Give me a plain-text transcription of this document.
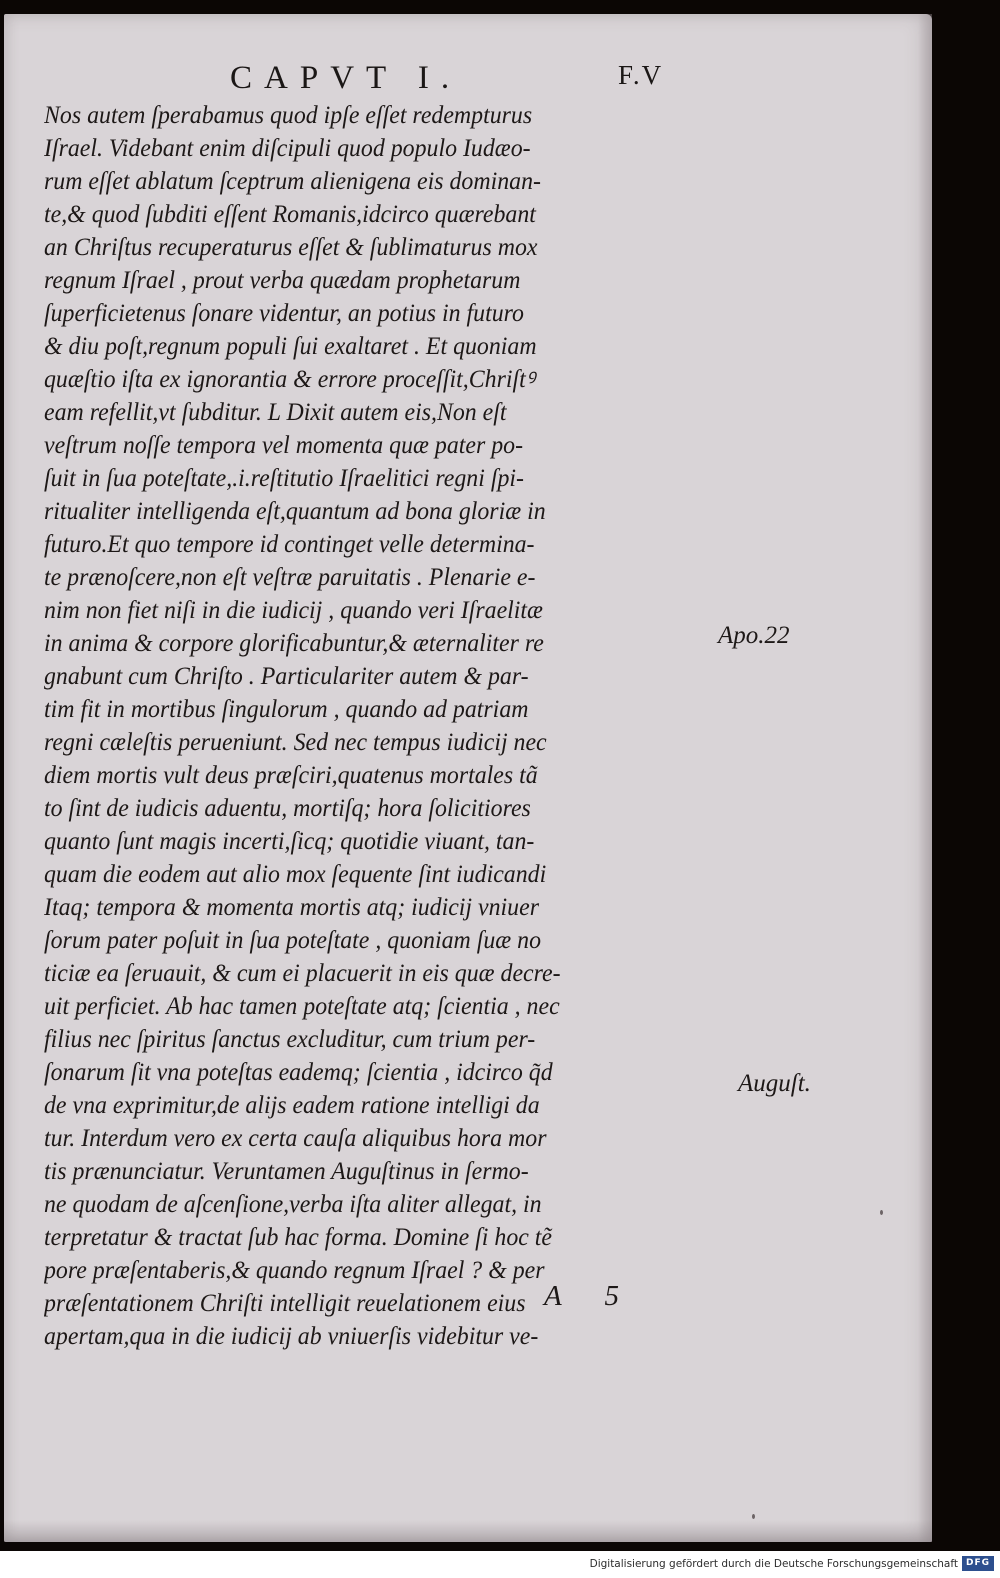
CAPVT I.	F.V
Nos autem ſperabamus quod ipſe eſſet redempturus
Iſrael. Videbant enim diſcipuli quod populo Iudæo-
rum eſſet ablatum ſceptrum alienigena eis dominan-
te,& quod ſubditi eſſent Romanis,idcirco quærebant
an Chriſtus recuperaturus eſſet & ſublimaturus mox
regnum Iſrael , prout verba quædam prophetarum
ſuperficietenus ſonare videntur, an potius in futuro
& diu poſt,regnum populi ſui exaltaret . Et quoniam
quæſtio iſta ex ignorantia & errore proceſſit,Chriſtꝰ
eam refellit,vt ſubditur. L Dixit autem eis,Non eſt
veſtrum noſſe tempora vel momenta quæ pater po-
ſuit in ſua poteſtate,.i.reſtitutio Iſraelitici regni ſpi-
ritualiter intelligenda eſt,quantum ad bona gloriæ in
futuro.Et quo tempore id continget velle determina-
te prænoſcere,non eſt veſtræ paruitatis . Plenarie e-
nim non fiet niſi in die iudicij , quando veri Iſraelitæ
in anima & corpore glorificabuntur,& æternaliter re
gnabunt cum Chriſto . Particulariter autem & par-
tim fit in mortibus ſingulorum , quando ad patriam
regni cæleſtis perueniunt. Sed nec tempus iudicij nec
diem mortis vult deus præſciri,quatenus mortales tã
to ſint de iudicis aduentu, mortiſq; hora ſolicitiores
quanto ſunt magis incerti,ſicq; quotidie viuant, tan-
quam die eodem aut alio mox ſequente ſint iudicandi
Itaq; tempora & momenta mortis atq; iudicij vniuer
ſorum pater poſuit in ſua poteſtate , quoniam ſuæ no
ticiæ ea ſeruauit, & cum ei placuerit in eis quæ decre-
uit perficiet. Ab hac tamen poteſtate atq; ſcientia , nec
filius nec ſpiritus ſanctus excluditur, cum trium per-
ſonarum ſit vna poteſtas eademq; ſcientia , idcirco q̃d
de vna exprimitur,de alijs eadem ratione intelligi da
tur. Interdum vero ex certa cauſa aliquibus hora mor
tis prænunciatur. Veruntamen Auguſtinus in ſermo-
ne quodam de aſcenſione,verba iſta aliter allegat, in
terpretatur & tractat ſub hac forma. Domine ſi hoc tẽ
pore præſentaberis,& quando regnum Iſrael ? & per
præſentationem Chriſti intelligit reuelationem eius
apertam,qua in die iudicij ab vniuerſis videbitur ve-
Apo.22
Auguſt.
A 5
Digitalisierung gefördert durch die Deutsche Forschungsgemeinschaft DFG
